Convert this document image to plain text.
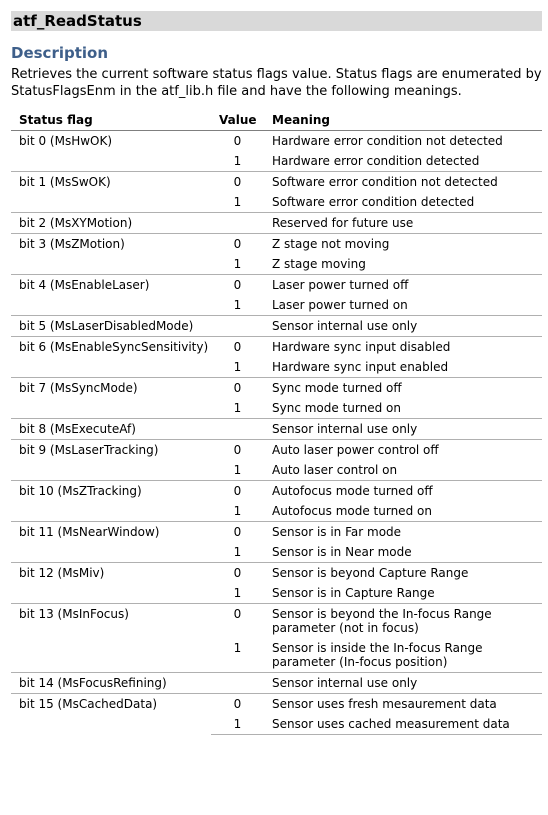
atf_ReadStatus
Description
Retrieves the current software status flags value. Status flags are enumerated by StatusFlagsEnm in the atf_lib.h file and have the following meanings.
Status flag	Value	Meaning
bit 0 (MsHwOK)	0	Hardware error condition not detected
	1	Hardware error condition detected
bit 1 (MsSwOK)	0	Software error condition not detected
	1	Software error condition detected
bit 2 (MsXYMotion)		Reserved for future use
bit 3 (MsZMotion)	0	Z stage not moving
	1	Z stage moving
bit 4 (MsEnableLaser)	0	Laser power turned off
	1	Laser power turned on
bit 5 (MsLaserDisabledMode)		Sensor internal use only
bit 6 (MsEnableSyncSensitivity)	0	Hardware sync input disabled
	1	Hardware sync input enabled
bit 7 (MsSyncMode)	0	Sync mode turned off
	1	Sync mode turned on
bit 8 (MsExecuteAf)		Sensor internal use only
bit 9 (MsLaserTracking)	0	Auto laser power control off
	1	Auto laser control on
bit 10 (MsZTracking)	0	Autofocus mode turned off
	1	Autofocus mode turned on
bit 11 (MsNearWindow)	0	Sensor is in Far mode
	1	Sensor is in Near mode
bit 12 (MsMiv)	0	Sensor is beyond Capture Range
	1	Sensor is in Capture Range
bit 13 (MsInFocus)	0	Sensor is beyond the In-focus Range parameter (not in focus)
	1	Sensor is inside the In-focus Range parameter (In-focus position)
bit 14 (MsFocusRefining)		Sensor internal use only
bit 15 (MsCachedData)	0	Sensor uses fresh mesaurement data
	1	Sensor uses cached measurement data
